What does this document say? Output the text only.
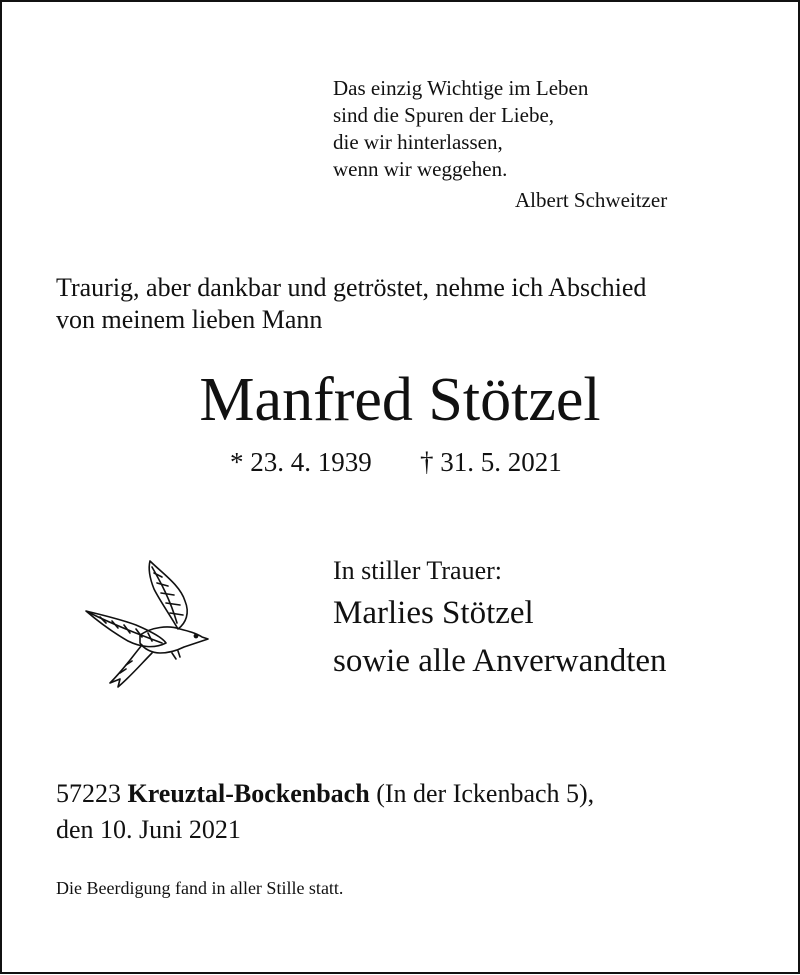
Das einzig Wichtige im Leben
sind die Spuren der Liebe,
die wir hinterlassen,
wenn wir weggehen.
Albert Schweitzer
Traurig, aber dankbar und getröstet, nehme ich Abschied
von meinem lieben Mann
Manfred Stötzel
* 23. 4. 1939 † 31. 5. 2021
In stiller Trauer:
Marlies Stötzel
sowie alle Anverwandten
57223 Kreuztal-Bockenbach (In der Ickenbach 5),
den 10. Juni 2021
Die Beerdigung fand in aller Stille statt.
